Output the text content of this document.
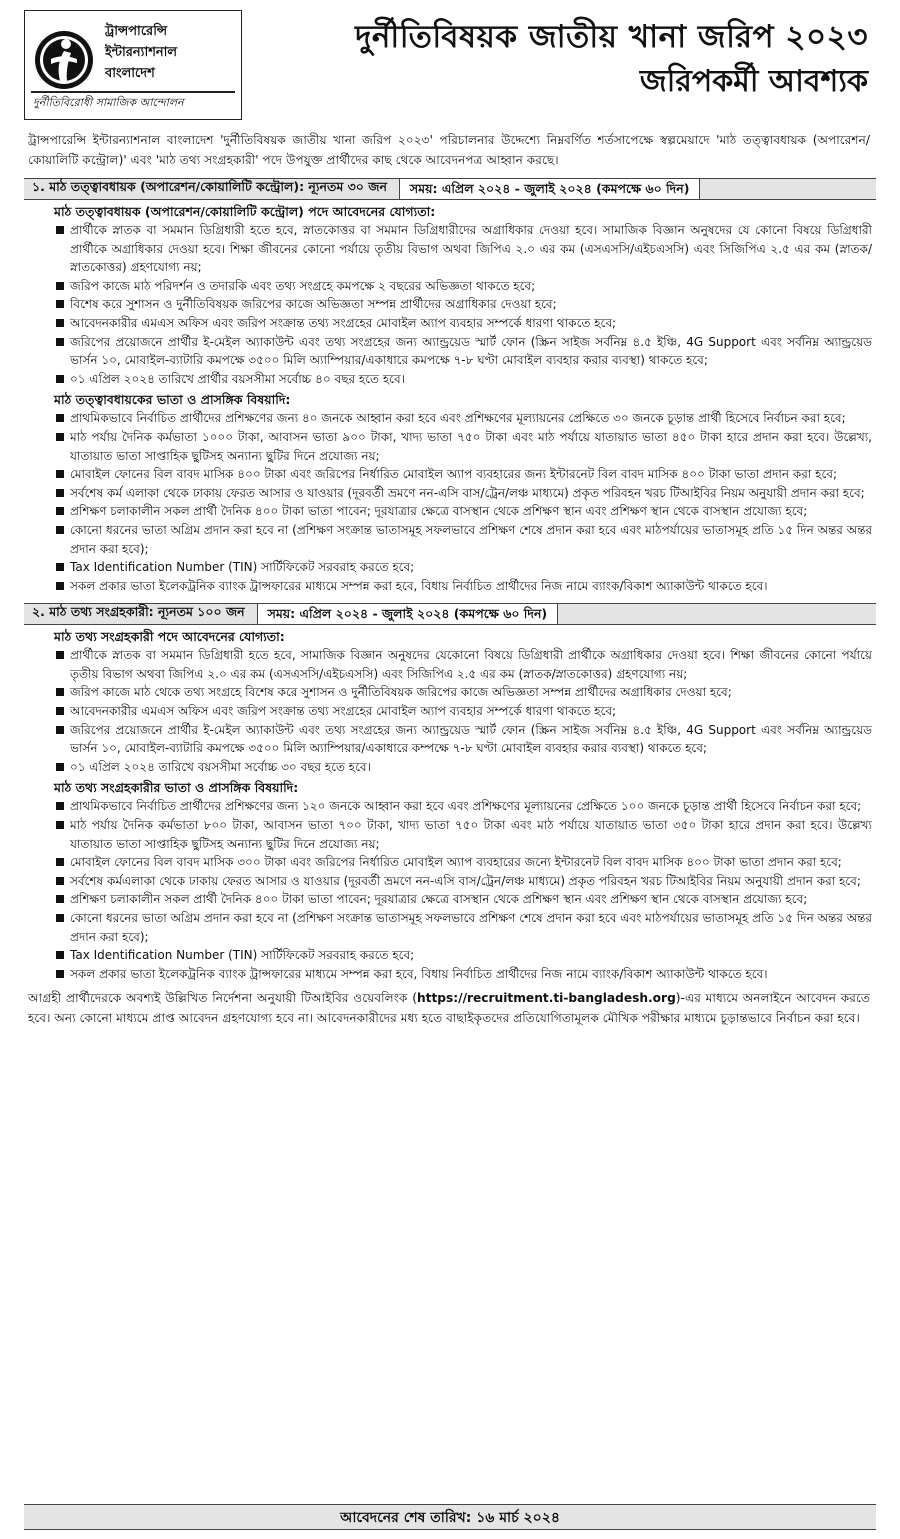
ট্রান্সপারেন্সি
ইন্টারন্যাশনাল
বাংলাদেশ
দুর্নীতিবিরোধী সামাজিক আন্দোলন
দুর্নীতিবিষয়ক জাতীয় খানা জরিপ ২০২৩
জরিপকর্মী আবশ্যক
ট্রান্সপারেন্সি ইন্টারন্যাশনাল বাংলাদেশ 'দুর্নীতিবিষয়ক জাতীয় খানা জরিপ ২০২৩' পরিচালনার উদ্দেশ্যে নিম্নবর্ণিত শর্তসাপেক্ষে স্বল্পমেয়াদে 'মাঠ তত্ত্বাবধায়ক (অপারেশন/কোয়ালিটি কন্ট্রোল)' এবং 'মাঠ তথ্য সংগ্রহকারী' পদে উপযুক্ত প্রার্থীদের কাছ থেকে আবেদনপত্র আহ্বান করছে।
১. মাঠ তত্ত্বাবধায়ক (অপারেশন/কোয়ালিটি কন্ট্রোল): ন্যূনতম ৩০ জন	সময়: এপ্রিল ২০২৪ - জুলাই ২০২৪ (কমপক্ষে ৬০ দিন)
মাঠ তত্ত্বাবধায়ক (অপারেশন/কোয়ালিটি কন্ট্রোল) পদে আবেদনের যোগ্যতা:
প্রার্থীকে স্নাতক বা সমমান ডিগ্রিধারী হতে হবে, স্নাতকোত্তর বা সমমান ডিগ্রিধারীদের অগ্রাধিকার দেওয়া হবে। সামাজিক বিজ্ঞান অনুষদের যে কোনো বিষয়ে ডিগ্রিধারী প্রার্থীকে অগ্রাধিকার দেওয়া হবে। শিক্ষা জীবনের কোনো পর্যায়ে তৃতীয় বিভাগ অথবা জিপিএ ২.০ এর কম (এসএসসি/এইচএসসি) এবং সিজিপিএ ২.৫ এর কম (স্নাতক/স্নাতকোত্তর) গ্রহণযোগ্য নয়;
জরিপ কাজে মাঠ পরিদর্শন ও তদারকি এবং তথ্য সংগ্রহে কমপক্ষে ২ বছরের অভিজ্ঞতা থাকতে হবে;
বিশেষ করে সুশাসন ও দুর্নীতিবিষয়ক জরিপের কাজে অভিজ্ঞতা সম্পন্ন প্রার্থীদের অগ্রাধিকার দেওয়া হবে;
আবেদনকারীর এমএস অফিস এবং জরিপ সংক্রান্ত তথ্য সংগ্রহের মোবাইল অ্যাপ ব্যবহার সম্পর্কে ধারণা থাকতে হবে;
জরিপের প্রয়োজনে প্রার্থীর ই-মেইল অ্যাকাউন্ট এবং তথ্য সংগ্রহের জন্য অ্যান্ড্রয়েড স্মার্ট ফোন (স্ক্রিন সাইজ সর্বনিম্ন ৪.৫ ইঞ্চি, 4G Support এবং সর্বনিম্ন অ্যান্ড্রয়েড ভার্সন ১০, মোবাইল-ব্যাটারি কমপক্ষে ৩৫০০ মিলি অ্যাম্পিয়ার/একাধারে কমপক্ষে ৭-৮ ঘণ্টা মোবাইল ব্যবহার করার ব্যবস্থা) থাকতে হবে;
০১ এপ্রিল ২০২৪ তারিখে প্রার্থীর বয়সসীমা সর্বোচ্চ ৪০ বছর হতে হবে।
মাঠ তত্ত্বাবধায়কের ভাতা ও প্রাসঙ্গিক বিষয়াদি:
প্রাথমিকভাবে নির্বাচিত প্রার্থীদের প্রশিক্ষণের জন্য ৪০ জনকে আহ্বান করা হবে এবং প্রশিক্ষণের মূল্যায়নের প্রেক্ষিতে ৩০ জনকে চূড়ান্ত প্রার্থী হিসেবে নির্বাচন করা হবে;
মাঠ পর্যায় দৈনিক কর্মভাতা ১০০০ টাকা, আবাসন ভাতা ৯০০ টাকা, খাদ্য ভাতা ৭৫০ টাকা এবং মাঠ পর্যায়ে যাতায়াত ভাতা ৪৫০ টাকা হারে প্রদান করা হবে। উল্লেখ্য, যাতায়াত ভাতা সাপ্তাহিক ছুটিসহ অন্যান্য ছুটির দিনে প্রযোজ্য নয়;
মোবাইল ফোনের বিল বাবদ মাসিক ৪০০ টাকা এবং জরিপের নির্ধারিত মোবাইল অ্যাপ ব্যবহারের জন্য ইন্টারনেট বিল বাবদ মাসিক ৪০০ টাকা ভাতা প্রদান করা হবে;
সর্বশেষ কর্ম এলাকা থেকে ঢাকায় ফেরত আসার ও যাওয়ার (দূরবর্তী ভ্রমণে নন-এসি বাস/ট্রেন/লঞ্চ মাধ্যমে) প্রকৃত পরিবহন খরচ টিআইবির নিয়ম অনুযায়ী প্রদান করা হবে;
প্রশিক্ষণ চলাকালীন সকল প্রার্থী দৈনিক ৪০০ টাকা ভাতা পাবেন; দূরযাত্রার ক্ষেত্রে বাসস্থান থেকে প্রশিক্ষণ স্থান এবং প্রশিক্ষণ স্থান থেকে বাসস্থান প্রযোজ্য হবে;
কোনো ধরনের ভাতা অগ্রিম প্রদান করা হবে না (প্রশিক্ষণ সংক্রান্ত ভাতাসমূহ সফলভাবে প্রশিক্ষণ শেষে প্রদান করা হবে এবং মাঠপর্যায়ের ভাতাসমূহ প্রতি ১৫ দিন অন্তর অন্তর প্রদান করা হবে);
Tax Identification Number (TIN) সার্টিফিকেট সরবরাহ করতে হবে;
সকল প্রকার ভাতা ইলেকট্রনিক ব্যাংক ট্রান্সফারের মাধ্যমে সম্পন্ন করা হবে, বিধায় নির্বাচিত প্রার্থীদের নিজ নামে ব্যাংক/বিকাশ অ্যাকাউন্ট থাকতে হবে।
২. মাঠ তথ্য সংগ্রহকারী: ন্যূনতম ১০০ জন	সময়: এপ্রিল ২০২৪ - জুলাই ২০২৪ (কমপক্ষে ৬০ দিন)
মাঠ তথ্য সংগ্রহকারী পদে আবেদনের যোগ্যতা:
প্রার্থীকে স্নাতক বা সমমান ডিগ্রিধারী হতে হবে, সামাজিক বিজ্ঞান অনুষদের যেকোনো বিষয়ে ডিগ্রিধারী প্রার্থীকে অগ্রাধিকার দেওয়া হবে। শিক্ষা জীবনের কোনো পর্যায়ে তৃতীয় বিভাগ অথবা জিপিএ ২.০ এর কম (এসএসসি/এইচএসসি) এবং সিজিপিএ ২.৫ এর কম (স্নাতক/স্নাতকোত্তর) গ্রহণযোগ্য নয়;
জরিপ কাজে মাঠ থেকে তথ্য সংগ্রহে বিশেষ করে সুশাসন ও দুর্নীতিবিষয়ক জরিপের কাজে অভিজ্ঞতা সম্পন্ন প্রার্থীদের অগ্রাধিকার দেওয়া হবে;
আবেদনকারীর এমএস অফিস এবং জরিপ সংক্রান্ত তথ্য সংগ্রহের মোবাইল অ্যাপ ব্যবহার সম্পর্কে ধারণা থাকতে হবে;
জরিপের প্রয়োজনে প্রার্থীর ই-মেইল অ্যাকাউন্ট এবং তথ্য সংগ্রহের জন্য অ্যান্ড্রয়েড স্মার্ট ফোন (স্ক্রিন সাইজ সর্বনিম্ন ৪.৫ ইঞ্চি, 4G Support এবং সর্বনিম্ন অ্যান্ড্রয়েড ভার্সন ১০, মোবাইল-ব্যাটারি কমপক্ষে ৩৫০০ মিলি অ্যাম্পিয়ার/একাধারে কম্পক্ষে ৭-৮ ঘণ্টা মোবাইল ব্যবহার করার ব্যবস্থা) থাকতে হবে;
০১ এপ্রিল ২০২৪ তারিখে বয়সসীমা সর্বোচ্চ ৩০ বছর হতে হবে।
মাঠ তথ্য সংগ্রহকারীর ভাতা ও প্রাসঙ্গিক বিষয়াদি:
প্রাথমিকভাবে নির্বাচিত প্রার্থীদের প্রশিক্ষণের জন্য ১২০ জনকে আহ্বান করা হবে এবং প্রশিক্ষণের মূল্যায়নের প্রেক্ষিতে ১০০ জনকে চূড়ান্ত প্রার্থী হিসেবে নির্বাচন করা হবে;
মাঠ পর্যায় দৈনিক কর্মভাতা ৮০০ টাকা, আবাসন ভাতা ৭০০ টাকা, খাদ্য ভাতা ৭৫০ টাকা এবং মাঠ পর্যায়ে যাতায়াত ভাতা ৩৫০ টাকা হারে প্রদান করা হবে। উল্লেখ্য যাতায়াত ভাতা সাপ্তাহিক ছুটিসহ অন্যান্য ছুটির দিনে প্রযোজ্য নয়;
মোবাইল ফোনের বিল বাবদ মাসিক ৩০০ টাকা এবং জরিপের নির্ধারিত মোবাইল অ্যাপ ব্যবহারের জন্যে ইন্টারনেট বিল বাবদ মাসিক ৪০০ টাকা ভাতা প্রদান করা হবে;
সর্বশেষ কর্মএলাকা থেকে ঢাকায় ফেরত আসার ও যাওয়ার (দূরবর্তী ভ্রমণে নন-এসি বাস/ট্রেন/লঞ্চ মাধ্যমে) প্রকৃত পরিবহন খরচ টিআইবির নিয়ম অনুযায়ী প্রদান করা হবে;
প্রশিক্ষণ চলাকালীন সকল প্রার্থী দৈনিক ৪০০ টাকা ভাতা পাবেন; দূরযাত্রার ক্ষেত্রে বাসস্থান থেকে প্রশিক্ষণ স্থান এবং প্রশিক্ষণ স্থান থেকে বাসস্থান প্রযোজ্য হবে;
কোনো ধরনের ভাতা অগ্রিম প্রদান করা হবে না (প্রশিক্ষণ সংক্রান্ত ভাতাসমূহ সফলভাবে প্রশিক্ষণ শেষে প্রদান করা হবে এবং মাঠপর্যায়ের ভাতাসমূহ প্রতি ১৫ দিন অন্তর অন্তর প্রদান করা হবে);
Tax Identification Number (TIN) সার্টিফিকেট সরবরাহ করতে হবে;
সকল প্রকার ভাতা ইলেকট্রনিক ব্যাংক ট্রান্সফারের মাধ্যমে সম্পন্ন করা হবে, বিধায় নির্বাচিত প্রার্থীদের নিজ নামে ব্যাংক/বিকাশ অ্যাকাউন্ট থাকতে হবে।
আগ্রহী প্রার্থীদেরকে অবশ্যই উল্লিখিত নির্দেশনা অনুযায়ী টিআইবির ওয়েবলিংক (https://recruitment.ti-bangladesh.org)-এর মাধ্যমে অনলাইনে আবেদন করতে হবে। অন্য কোনো মাধ্যমে প্রাপ্ত আবেদন গ্রহণযোগ্য হবে না। আবেদনকারীদের মধ্য হতে বাছাইকৃতদের প্রতিযোগিতামূলক মৌখিক পরীক্ষার মাধ্যমে চূড়ান্তভাবে নির্বাচন করা হবে।
আবেদনের শেষ তারিখ: ১৬ মার্চ ২০২৪
